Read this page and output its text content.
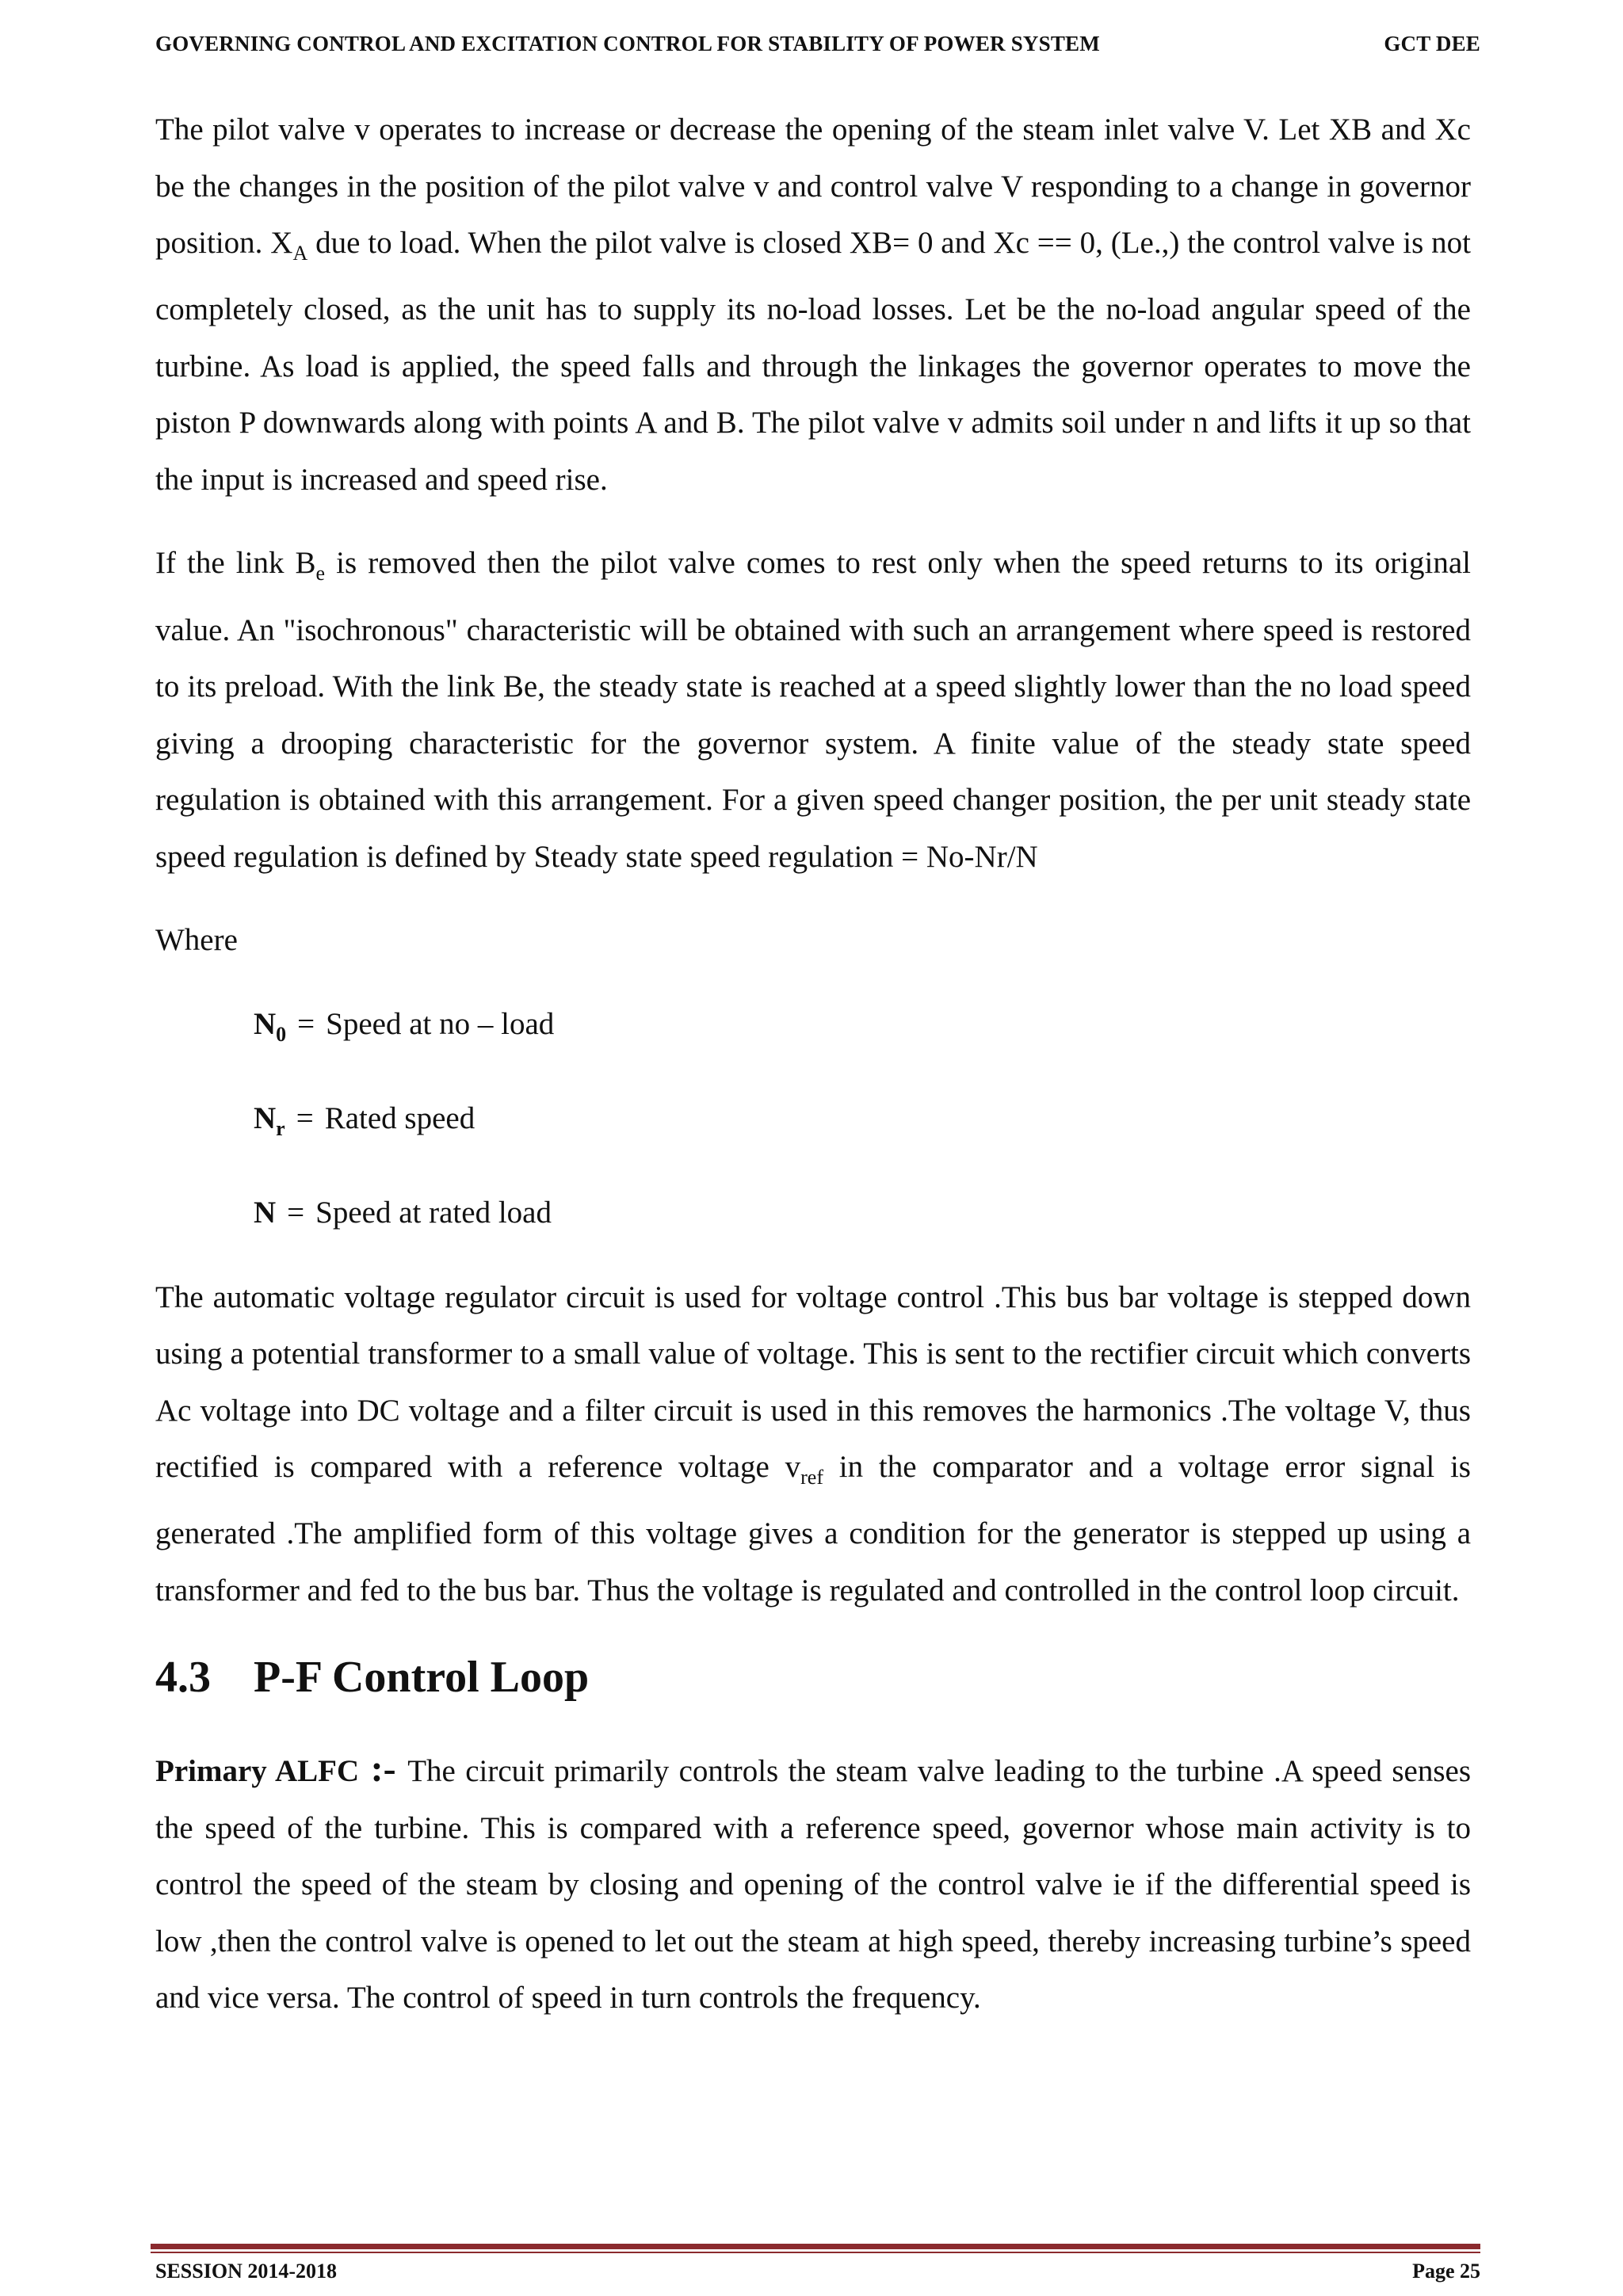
GOVERNING CONTROL AND EXCITATION CONTROL FOR STABILITY OF POWER SYSTEM	GCT DEE

The pilot valve v operates to increase or decrease the opening of the steam inlet valve V. Let XB and Xc be the changes in the position of the pilot valve v and control valve V responding to a change in governor position. $X_A$ due to load. When the pilot valve is closed XB= 0 and Xc == 0, (Le.,) the control valve is not completely closed, as the unit has to supply its no-load losses. Let be the no-load angular speed of the turbine. As load is applied, the speed falls and through the linkages the governor operates to move the piston P downwards along with points A and B. The pilot valve v admits soil under n and lifts it up so that the input is increased and speed rise.

If the link $B_e$ is removed then the pilot valve comes to rest only when the speed returns to its original value. An "isochronous" characteristic will be obtained with such an arrangement where speed is restored to its preload. With the link Be, the steady state is reached at a speed slightly lower than the no load speed giving a drooping characteristic for the governor system. A finite value of the steady state speed regulation is obtained with this arrangement. For a given speed changer position, the per unit steady state speed regulation is defined by Steady state speed regulation = No-Nr/N

Where

$N_0$ = Speed at no – load
$N_r$ = Rated speed
N = Speed at rated load

The automatic voltage regulator circuit is used for voltage control .This bus bar voltage is stepped down using a potential transformer to a small value of voltage. This is sent to the rectifier circuit which converts Ac voltage into DC voltage and a filter circuit is used in this removes the harmonics .The voltage V, thus rectified is compared with a reference voltage $v_{ref}$ in the comparator and a voltage error signal is generated .The amplified form of this voltage gives a condition for the generator is stepped up using a transformer and fed to the bus bar. Thus the voltage is regulated and controlled in the control loop circuit.

4.3 P-F Control Loop

Primary ALFC :- The circuit primarily controls the steam valve leading to the turbine .A speed senses the speed of the turbine. This is compared with a reference speed, governor whose main activity is to control the speed of the steam by closing and opening of the control valve ie if the differential speed is low ,then the control valve is opened to let out the steam at high speed, thereby increasing turbine’s speed and vice versa. The control of speed in turn controls the frequency.

SESSION 2014-2018	Page 25
